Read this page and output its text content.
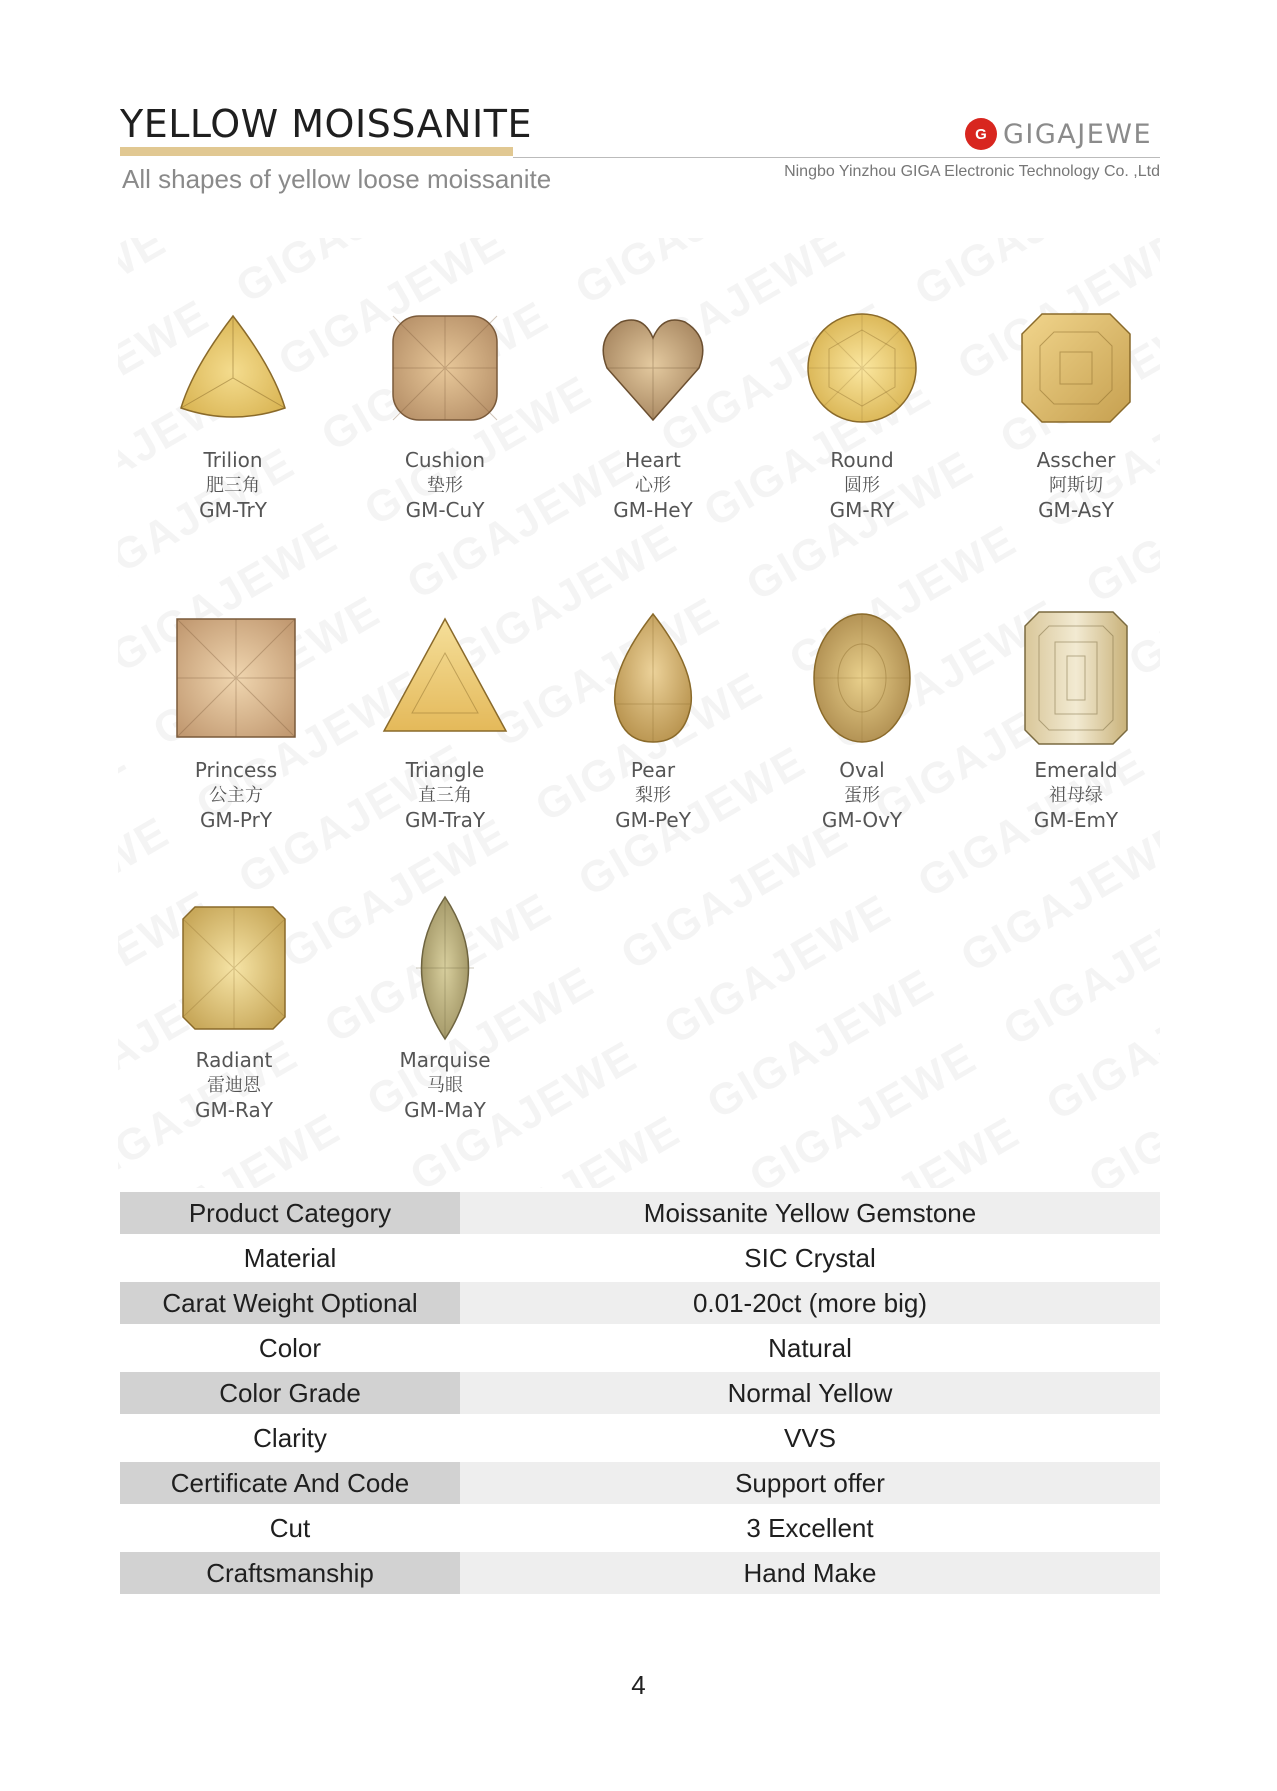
YELLOW MOISSANITE
All shapes of yellow loose moissanite
G GIGAJEWE
Ningbo Yinzhou GIGA Electronic Technology Co. ,Ltd
Trilion
肥三角
GM-TrY
Cushion
垫形
GM-CuY
Heart
心形
GM-HeY
Round
圆形
GM-RY
Asscher
阿斯切
GM-AsY
Princess
公主方
GM-PrY
Triangle
直三角
GM-TraY
Pear
梨形
GM-PeY
Oval
蛋形
GM-OvY
Emerald
祖母绿
GM-EmY
Radiant
雷迪恩
GM-RaY
Marquise
马眼
GM-MaY
Product Category	Moissanite Yellow Gemstone
Material	SIC Crystal
Carat Weight Optional	0.01-20ct (more big)
Color	Natural
Color Grade	Normal Yellow
Clarity	VVS
Certificate And Code	Support offer
Cut	3 Excellent
Craftsmanship	Hand Make
4
